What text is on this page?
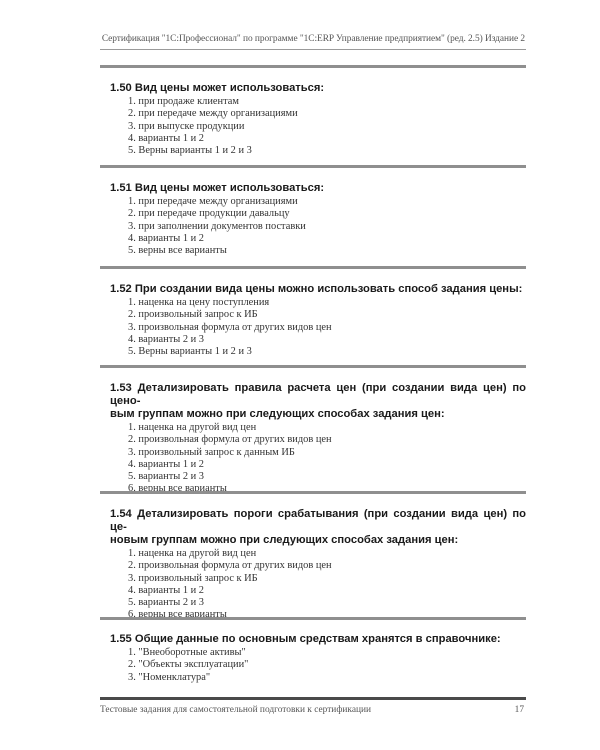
Сертификация "1С:Профессионал" по программе "1С:ERP Управление предприятием" (ред. 2.5) Издание 2
1.50 Вид цены может использоваться:
1. при продаже клиентам
2. при передаче между организациями
3. при выпуске продукции
4. варианты 1 и 2
5. Верны варианты 1 и 2 и 3
1.51 Вид цены может использоваться:
1. при передаче между организациями
2. при передаче продукции давальцу
3. при заполнении документов поставки
4. варианты 1 и 2
5. верны все варианты
1.52 При создании вида цены можно использовать способ задания цены:
1. наценка на цену поступления
2. произвольный запрос к ИБ
3. произвольная формула от других видов цен
4. варианты 2 и 3
5. Верны варианты 1 и 2 и 3
1.53 Детализировать правила расчета цен (при создании вида цен) по цено-
вым группам можно при следующих способах задания цен:
1. наценка на другой вид цен
2. произвольная формула от других видов цен
3. произвольный запрос к данным ИБ
4. варианты 1 и 2
5. варианты 2 и 3
6. верны все варианты
1.54 Детализировать пороги срабатывания (при создании вида цен) по це-
новым группам можно при следующих способах задания цен:
1. наценка на другой вид цен
2. произвольная формула от других видов цен
3. произвольный запрос к ИБ
4. варианты 1 и 2
5. варианты 2 и 3
6. верны все варианты
1.55 Общие данные по основным средствам хранятся в справочнике:
1. "Внеоборотные активы"
2. "Объекты эксплуатации"
3. "Номенклатура"
Тестовые задания для самостоятельной подготовки к сертификации	17
